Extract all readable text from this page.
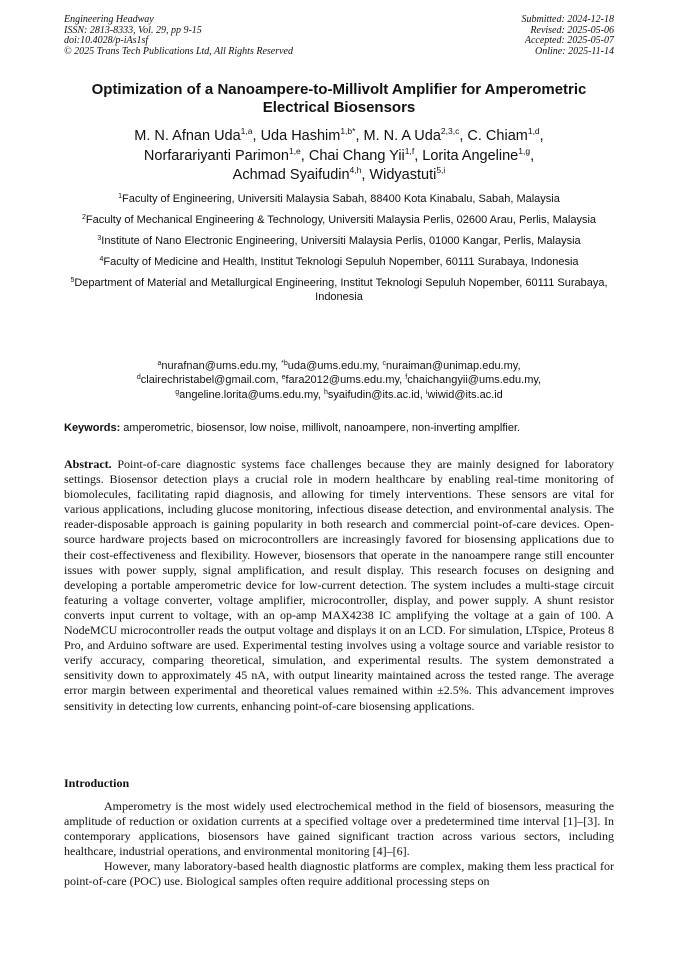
Engineering Headway
ISSN: 2813-8333, Vol. 29, pp 9-15
doi:10.4028/p-iAs1sf
© 2025 Trans Tech Publications Ltd, All Rights Reserved
Submitted: 2024-12-18
Revised: 2025-05-06
Accepted: 2025-05-07
Online: 2025-11-14
Optimization of a Nanoampere-to-Millivolt Amplifier for Amperometric Electrical Biosensors
M. N. Afnan Uda$^{1,a}$, Uda Hashim$^{1,b*}$, M. N. A Uda$^{2,3,c}$, C. Chiam$^{1,d}$,
Norfarariyanti Parimon$^{1,e}$, Chai Chang Yii$^{1,f}$, Lorita Angeline$^{1,g}$,
Achmad Syaifudin$^{4,h}$, Widyastuti$^{5,i}$
$^1$Faculty of Engineering, Universiti Malaysia Sabah, 88400 Kota Kinabalu, Sabah, Malaysia
$^2$Faculty of Mechanical Engineering & Technology, Universiti Malaysia Perlis, 02600 Arau, Perlis, Malaysia
$^3$Institute of Nano Electronic Engineering, Universiti Malaysia Perlis, 01000 Kangar, Perlis, Malaysia
$^4$Faculty of Medicine and Health, Institut Teknologi Sepuluh Nopember, 60111 Surabaya, Indonesia
$^5$Department of Material and Metallurgical Engineering, Institut Teknologi Sepuluh Nopember, 60111 Surabaya, Indonesia
$^a$nurafnan@ums.edu.my, $^{*b}$uda@ums.edu.my, $^c$nuraiman@unimap.edu.my,
$^d$clairechristabel@gmail.com, $^e$fara2012@ums.edu.my, $^f$chaichangyii@ums.edu.my,
$^g$angeline.lorita@ums.edu.my, $^h$syaifudin@its.ac.id, $^i$wiwid@its.ac.id
Keywords: amperometric, biosensor, low noise, millivolt, nanoampere, non-inverting amplfier.

Abstract. Point-of-care diagnostic systems face challenges because they are mainly designed for laboratory settings. Biosensor detection plays a crucial role in modern healthcare by enabling real-time monitoring of biomolecules, facilitating rapid diagnosis, and allowing for timely interventions. These sensors are vital for various applications, including glucose monitoring, infectious disease detection, and environmental analysis. The reader-disposable approach is gaining popularity in both research and commercial point-of-care devices. Open-source hardware projects based on microcontrollers are increasingly favored for biosensing applications due to their cost-effectiveness and flexibility. However, biosensors that operate in the nanoampere range still encounter issues with power supply, signal amplification, and result display. This research focuses on designing and developing a portable amperometric device for low-current detection. The system includes a multi-stage circuit featuring a voltage converter, voltage amplifier, microcontroller, display, and power supply. A shunt resistor converts input current to voltage, with an op-amp MAX4238 IC amplifying the voltage at a gain of 100. A NodeMCU microcontroller reads the output voltage and displays it on an LCD. For simulation, LTspice, Proteus 8 Pro, and Arduino software are used. Experimental testing involves using a voltage source and variable resistor to verify accuracy, comparing theoretical, simulation, and experimental results. The system demonstrated a sensitivity down to approximately 45 nA, with output linearity maintained across the tested range. The average error margin between experimental and theoretical values remained within ±2.5%. This advancement improves sensitivity in detecting low currents, enhancing point-of-care biosensing applications.

Introduction

Amperometry is the most widely used electrochemical method in the field of biosensors, measuring the amplitude of reduction or oxidation currents at a specified voltage over a predetermined time interval [1]–[3]. In contemporary applications, biosensors have gained significant traction across various sectors, including healthcare, industrial operations, and environmental monitoring [4]–[6].

However, many laboratory-based health diagnostic platforms are complex, making them less practical for point-of-care (POC) use. Biological samples often require additional processing steps on
